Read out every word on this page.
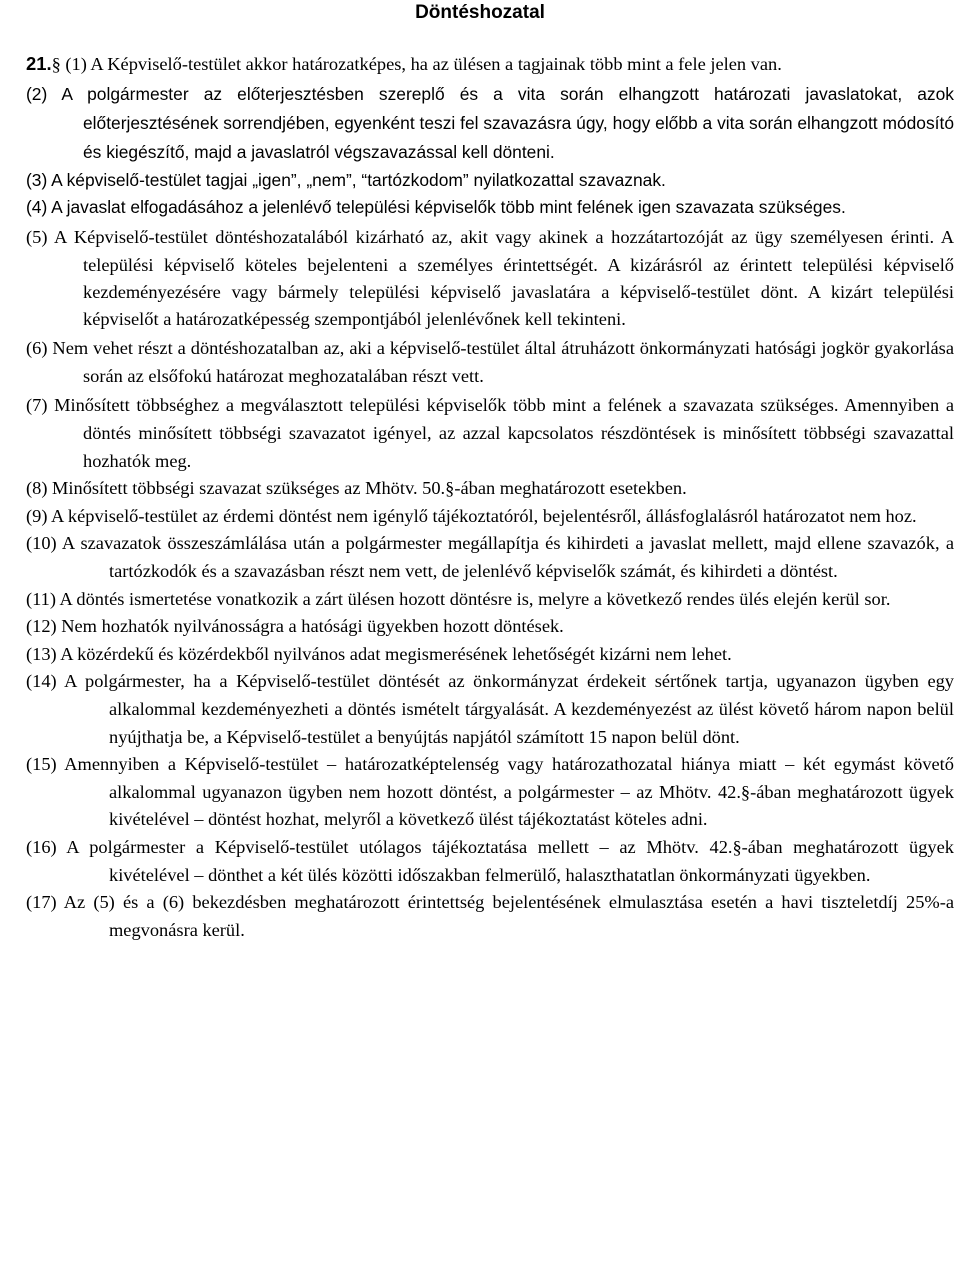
Döntéshozatal

21.§ (1) A Képviselő-testület akkor határozatképes, ha az ülésen a tagjainak több mint a fele jelen van.

(2) A polgármester az előterjesztésben szereplő és a vita során elhangzott határozati javaslatokat, azok előterjesztésének sorrendjében, egyenként teszi fel szavazásra úgy, hogy előbb a vita során elhangzott módosító és kiegészítő, majd a javaslatról végszavazással kell dönteni.

(3) A képviselő-testület tagjai „igen”, „nem”, “tartózkodom” nyilatkozattal szavaznak.

(4) A javaslat elfogadásához a jelenlévő települési képviselők több mint felének igen szavazata szükséges.

(5) A Képviselő-testület döntéshozatalából kizárható az, akit vagy akinek a hozzátartozóját az ügy személyesen érinti. A települési képviselő köteles bejelenteni a személyes érintettségét. A kizárásról az érintett települési képviselő kezdeményezésére vagy bármely települési képviselő javaslatára a képviselő-testület dönt. A kizárt települési képviselőt a határozatképesség szempontjából jelenlévőnek kell tekinteni.

(6) Nem vehet részt a döntéshozatalban az, aki a képviselő-testület által átruházott önkormányzati hatósági jogkör gyakorlása során az elsőfokú határozat meghozatalában részt vett.

(7) Minősített többséghez a megválasztott települési képviselők több mint a felének a szavazata szükséges. Amennyiben a döntés minősített többségi szavazatot igényel, az azzal kapcsolatos részdöntések is minősített többségi szavazattal hozhatók meg.

(8) Minősített többségi szavazat szükséges az Mhötv. 50.§-ában meghatározott esetekben.

(9) A képviselő-testület az érdemi döntést nem igénylő tájékoztatóról, bejelentésről, állásfoglalásról határozatot nem hoz.

(10) A szavazatok összeszámlálása után a polgármester megállapítja és kihirdeti a javaslat mellett, majd ellene szavazók, a tartózkodók és a szavazásban részt nem vett, de jelenlévő képviselők számát, és kihirdeti a döntést.

(11) A döntés ismertetése vonatkozik a zárt ülésen hozott döntésre is, melyre a következő rendes ülés elején kerül sor.

(12) Nem hozhatók nyilvánosságra a hatósági ügyekben hozott döntések.

(13) A közérdekű és közérdekből nyilvános adat megismerésének lehetőségét kizárni nem lehet.

(14) A polgármester, ha a Képviselő-testület döntését az önkormányzat érdekeit sértőnek tartja, ugyanazon ügyben egy alkalommal kezdeményezheti a döntés ismételt tárgyalását. A kezdeményezést az ülést követő három napon belül nyújthatja be, a Képviselő-testület a benyújtás napjától számított 15 napon belül dönt.

(15) Amennyiben a Képviselő-testület – határozatképtelenség vagy határozathozatal hiánya miatt – két egymást követő alkalommal ugyanazon ügyben nem hozott döntést, a polgármester – az Mhötv. 42.§-ában meghatározott ügyek kivételével – döntést hozhat, melyről a következő ülést tájékoztatást köteles adni.

(16) A polgármester a Képviselő-testület utólagos tájékoztatása mellett – az Mhötv. 42.§-ában meghatározott ügyek kivételével – dönthet a két ülés közötti időszakban felmerülő, halaszthatatlan önkormányzati ügyekben.

(17) Az (5) és a (6) bekezdésben meghatározott érintettség bejelentésének elmulasztása esetén a havi tiszteletdíj 25%-a megvonásra kerül.
